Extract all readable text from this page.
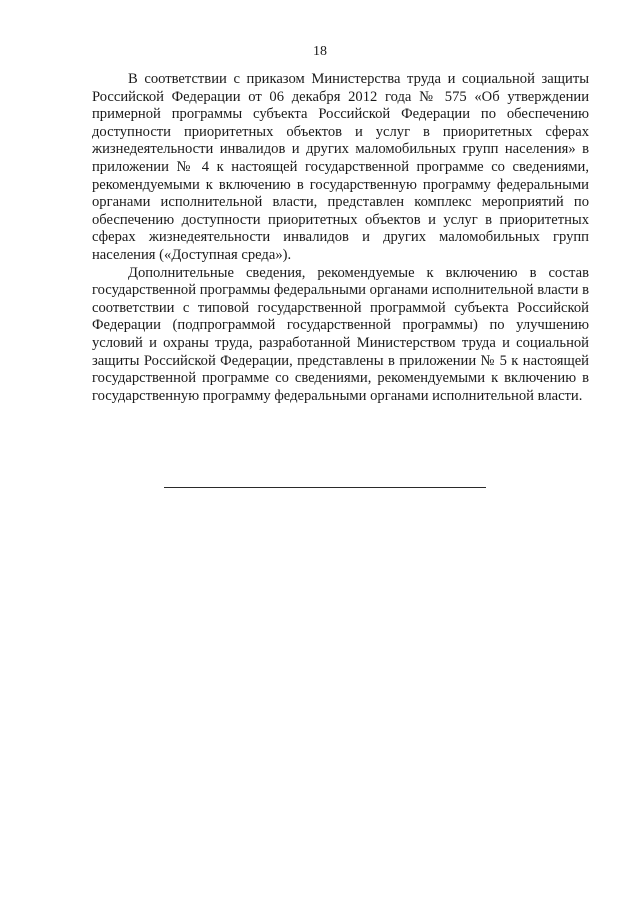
18

В соответствии с приказом Министерства труда и социальной защиты Российской Федерации от 06 декабря 2012 года № 575 «Об утверждении примерной программы субъекта Российской Федерации по обеспечению доступности приоритетных объектов и услуг в приоритетных сферах жизнедеятельности инвалидов и других маломобильных групп населения» в приложении № 4 к настоящей государственной программе со сведениями, рекомендуемыми к включению в государственную программу федеральными органами исполнительной власти, представлен комплекс мероприятий по обеспечению доступности приоритетных объектов и услуг в приоритетных сферах жизнедеятельности инвалидов и других маломобильных групп населения («Доступная среда»).

Дополнительные сведения, рекомендуемые к включению в состав государственной программы федеральными органами исполнительной власти в соответствии с типовой государственной программой субъекта Российской Федерации (подпрограммой государственной программы) по улучшению условий и охраны труда, разработанной Министерством труда и социальной защиты Российской Федерации, представлены в приложении № 5 к настоящей государственной программе со сведениями, рекомендуемыми к включению в государственную программу федеральными органами исполнительной власти.
